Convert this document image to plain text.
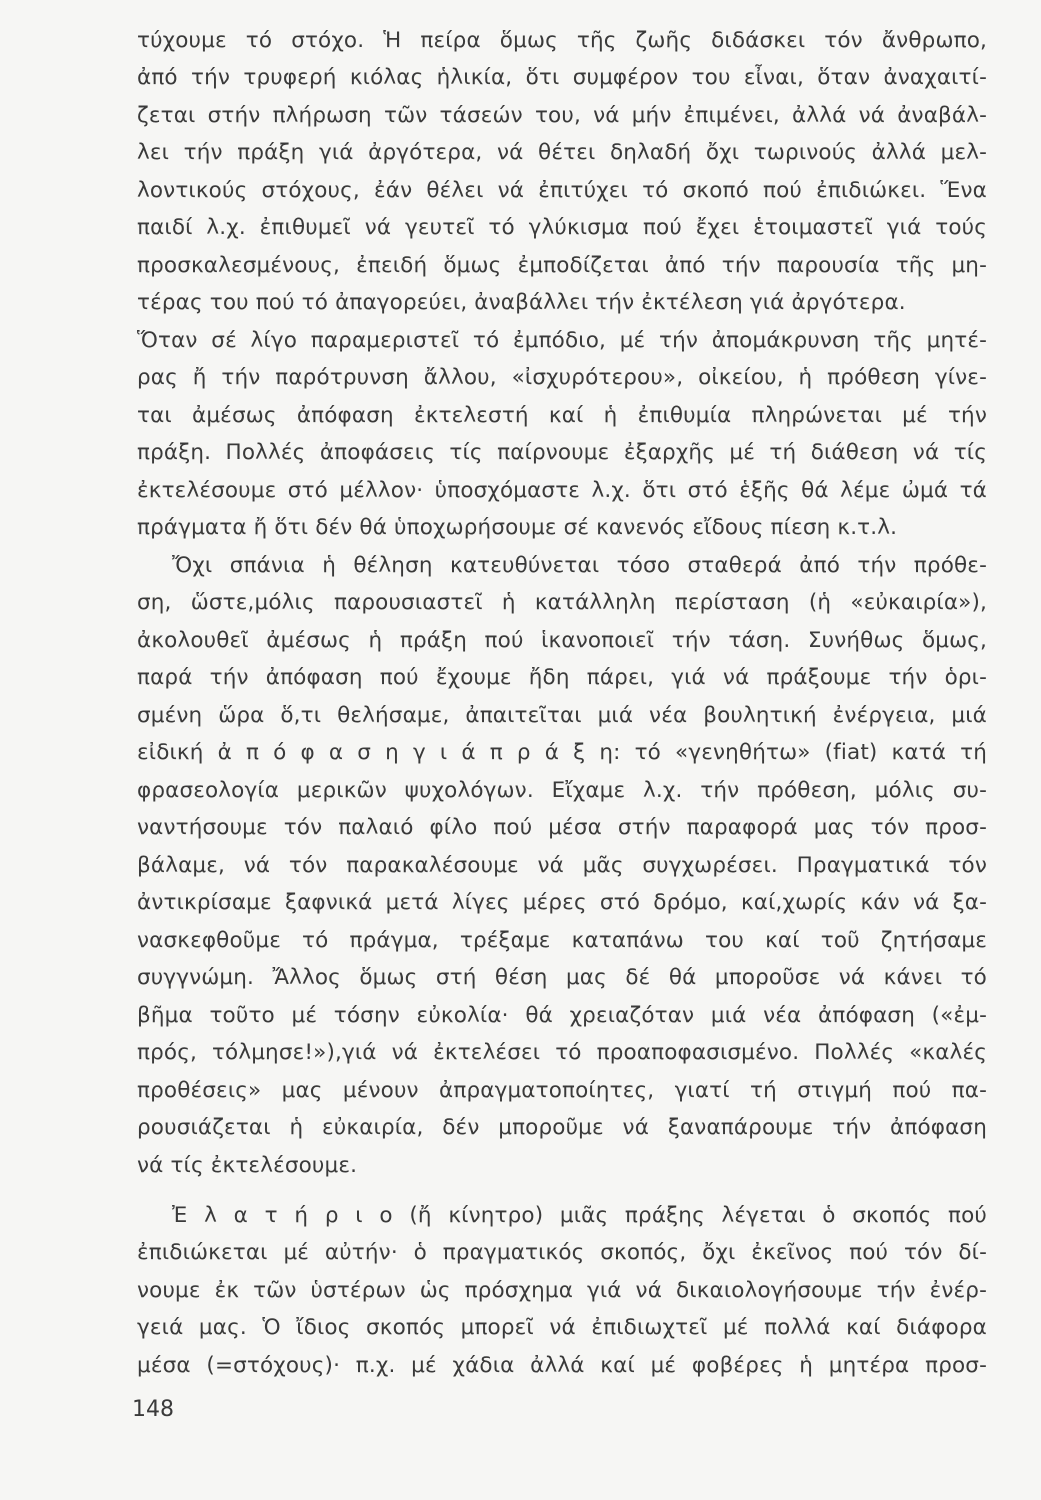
τύχουμε τό στόχο. Ἡ πείρα ὅμως τῆς ζωῆς διδάσκει τόν ἄνθρωπο,
ἀπό τήν τρυφερή κιόλας ἡλικία, ὅτι συμφέρον του εἶναι, ὅταν ἀναχαιτί-
ζεται στήν πλήρωση τῶν τάσεών του, νά μήν ἐπιμένει, ἀλλά νά ἀναβάλ-
λει τήν πράξη γιά ἀργότερα, νά θέτει δηλαδή ὄχι τωρινούς ἀλλά μελ-
λοντικούς στόχους, ἐάν θέλει νά ἐπιτύχει τό σκοπό πού ἐπιδιώκει. Ἕνα
παιδί λ.χ. ἐπιθυμεῖ νά γευτεῖ τό γλύκισμα πού ἔχει ἑτοιμαστεῖ γιά τούς
προσκαλεσμένους, ἐπειδή ὅμως ἐμποδίζεται ἀπό τήν παρουσία τῆς μη-
τέρας του πού τό ἀπαγορεύει, ἀναβάλλει τήν ἐκτέλεση γιά ἀργότερα.
Ὅταν σέ λίγο παραμεριστεῖ τό ἐμπόδιο, μέ τήν ἀπομάκρυνση τῆς μητέ-
ρας ἤ τήν παρότρυνση ἄλλου, «ἰσχυρότερου», οἰκείου, ἡ πρόθεση γίνε-
ται ἀμέσως ἀπόφαση ἐκτελεστή καί ἡ ἐπιθυμία πληρώνεται μέ τήν
πράξη. Πολλές ἀποφάσεις τίς παίρνουμε ἐξαρχῆς μέ τή διάθεση νά τίς
ἐκτελέσουμε στό μέλλον· ὑποσχόμαστε λ.χ. ὅτι στό ἑξῆς θά λέμε ὠμά τά
πράγματα ἤ ὅτι δέν θά ὑποχωρήσουμε σέ κανενός εἴδους πίεση κ.τ.λ.
Ὄχι σπάνια ἡ θέληση κατευθύνεται τόσο σταθερά ἀπό τήν πρόθε-
ση, ὥστε,μόλις παρουσιαστεῖ ἡ κατάλληλη περίσταση (ἡ «εὐκαιρία»),
ἀκολουθεῖ ἀμέσως ἡ πράξη πού ἱκανοποιεῖ τήν τάση. Συνήθως ὅμως,
παρά τήν ἀπόφαση πού ἔχουμε ἤδη πάρει, γιά νά πράξουμε τήν ὁρι-
σμένη ὥρα ὅ,τι θελήσαμε, ἀπαιτεῖται μιά νέα βουλητική ἐνέργεια, μιά
εἰδική ἀ π ό φ α σ η γ ι ά π ρ ά ξ η: τό «γενηθήτω» (fiat) κατά τή
φρασεολογία μερικῶν ψυχολόγων. Εἴχαμε λ.χ. τήν πρόθεση, μόλις συ-
ναντήσουμε τόν παλαιό φίλο πού μέσα στήν παραφορά μας τόν προσ-
βάλαμε, νά τόν παρακαλέσουμε νά μᾶς συγχωρέσει. Πραγματικά τόν
ἀντικρίσαμε ξαφνικά μετά λίγες μέρες στό δρόμο, καί,χωρίς κάν νά ξα-
νασκεφθοῦμε τό πράγμα, τρέξαμε καταπάνω του καί τοῦ ζητήσαμε
συγγνώμη. Ἄλλος ὅμως στή θέση μας δέ θά μποροῦσε νά κάνει τό
βῆμα τοῦτο μέ τόσην εὐκολία· θά χρειαζόταν μιά νέα ἀπόφαση («ἐμ-
πρός, τόλμησε!»),γιά νά ἐκτελέσει τό προαποφασισμένο. Πολλές «καλές
προθέσεις» μας μένουν ἀπραγματοποίητες, γιατί τή στιγμή πού πα-
ρουσιάζεται ἡ εὐκαιρία, δέν μποροῦμε νά ξαναπάρουμε τήν ἀπόφαση
νά τίς ἐκτελέσουμε.
Ἐ λ α τ ή ρ ι ο (ἤ κίνητρο) μιᾶς πράξης λέγεται ὁ σκοπός πού
ἐπιδιώκεται μέ αὐτήν· ὁ πραγματικός σκοπός, ὄχι ἐκεῖνος πού τόν δί-
νουμε ἐκ τῶν ὑστέρων ὡς πρόσχημα γιά νά δικαιολογήσουμε τήν ἐνέρ-
γειά μας. Ὁ ἴδιος σκοπός μπορεῖ νά ἐπιδιωχτεῖ μέ πολλά καί διάφορα
μέσα (=στόχους)· π.χ. μέ χάδια ἀλλά καί μέ φοβέρες ἡ μητέρα προσ-
148
